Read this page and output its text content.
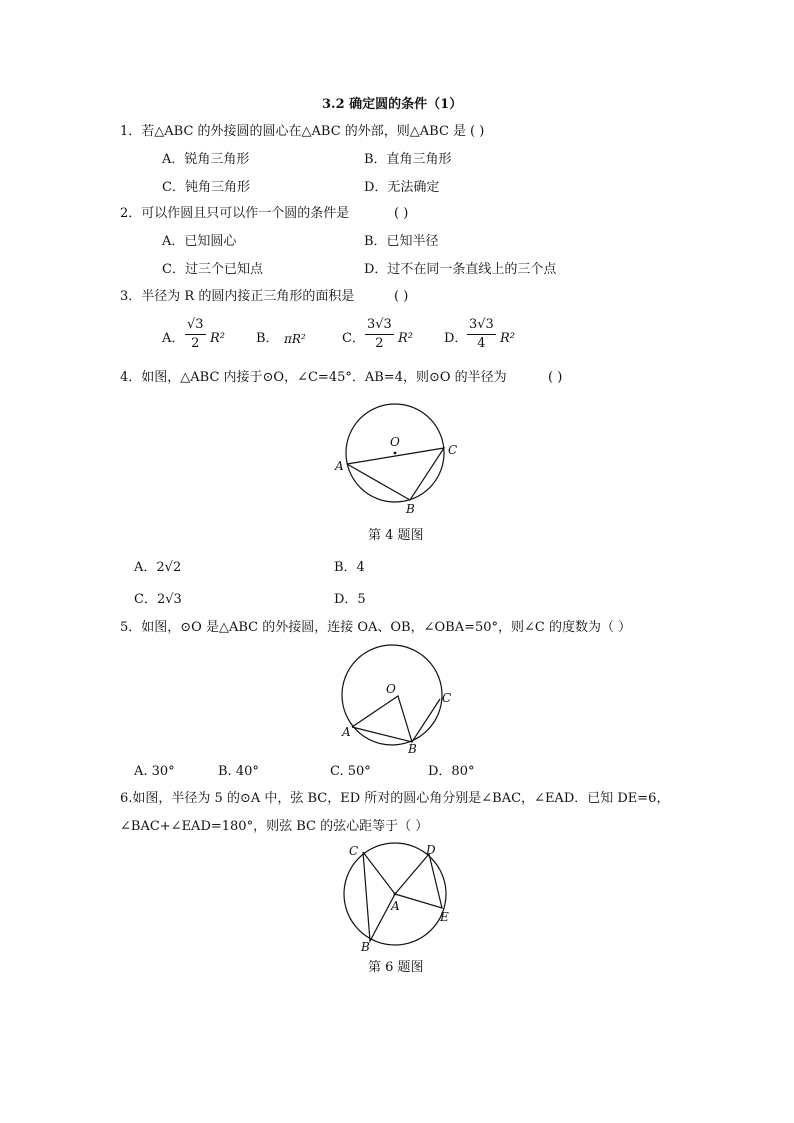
3.2 确定圆的条件（1）
1．若△ABC 的外接圆的圆心在△ABC 的外部，则△ABC 是 ( )
A．锐角三角形	B．直角三角形
C．钝角三角形	D．无法确定
2．可以作圆且只可以作一个圆的条件是	( )
A．已知圆心	B．已知半径
C．过三个已知点	D．过不在同一条直线上的三个点
3．半径为 R 的圆内接正三角形的面积是	( )
A． $\frac{√3}{2} R^2$ B． πR²	C． $\frac{3√3}{2} R^2$ D． $\frac{3√3}{4} R^2$
4．如图，△ABC 内接于⊙O，∠C=45°．AB=4，则⊙O 的半径为	( )
O
A
C
B
第 4 题图
A．2√2	B．4
C．2√3	D．5
5．如图，⊙O 是△ABC 的外接圆，连接 OA、OB，∠OBA=50°，则∠C 的度数为（ ）
O
A
C
B
A. 30°	B. 40°	C. 50°	D．80°
6.如图，半径为 5 的⊙A 中，弦 BC，ED 所对的圆心角分别是∠BAC，∠EAD．已知 DE=6，
∠BAC+∠EAD=180°，则弦 BC 的弦心距等于（ ）
A
C	D
E
B
第 6 题图
